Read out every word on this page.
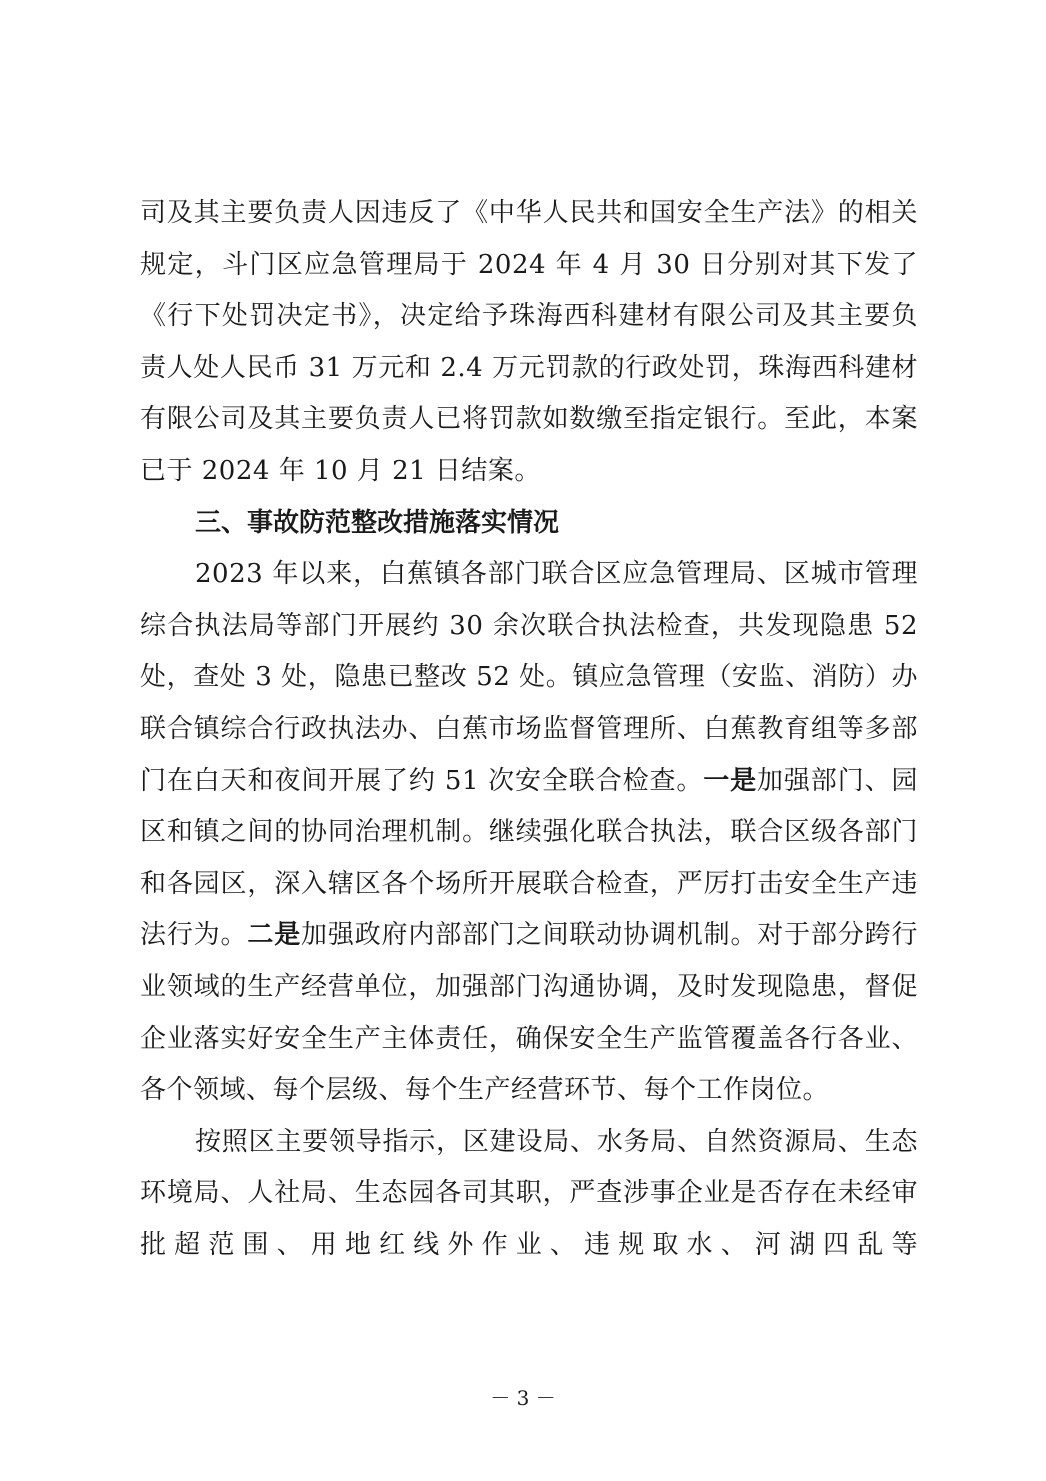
司及其主要负责人因违反了《中华人民共和国安全生产法》的相关规定，斗门区应急管理局于 2024 年 4 月 30 日分别对其下发了《行下处罚决定书》，决定给予珠海西科建材有限公司及其主要负责人处人民币 31 万元和 2.4 万元罚款的行政处罚，珠海西科建材有限公司及其主要负责人已将罚款如数缴至指定银行。至此，本案已于 2024 年 10 月 21 日结案。

三、事故防范整改措施落实情况

2023 年以来，白蕉镇各部门联合区应急管理局、区城市管理综合执法局等部门开展约 30 余次联合执法检查，共发现隐患 52 处，查处 3 处，隐患已整改 52 处。镇应急管理（安监、消防）办联合镇综合行政执法办、白蕉市场监督管理所、白蕉教育组等多部门在白天和夜间开展了约 51 次安全联合检查。一是加强部门、园区和镇之间的协同治理机制。继续强化联合执法，联合区级各部门和各园区，深入辖区各个场所开展联合检查，严厉打击安全生产违法行为。二是加强政府内部部门之间联动协调机制。对于部分跨行业领域的生产经营单位，加强部门沟通协调，及时发现隐患，督促企业落实好安全生产主体责任，确保安全生产监管覆盖各行各业、各个领域、每个层级、每个生产经营环节、每个工作岗位。

按照区主要领导指示，区建设局、水务局、自然资源局、生态环境局、人社局、生态园各司其职，严查涉事企业是否存在未经审批超范围、用地红线外作业、违规取水、河湖四乱等

－ 3 －
